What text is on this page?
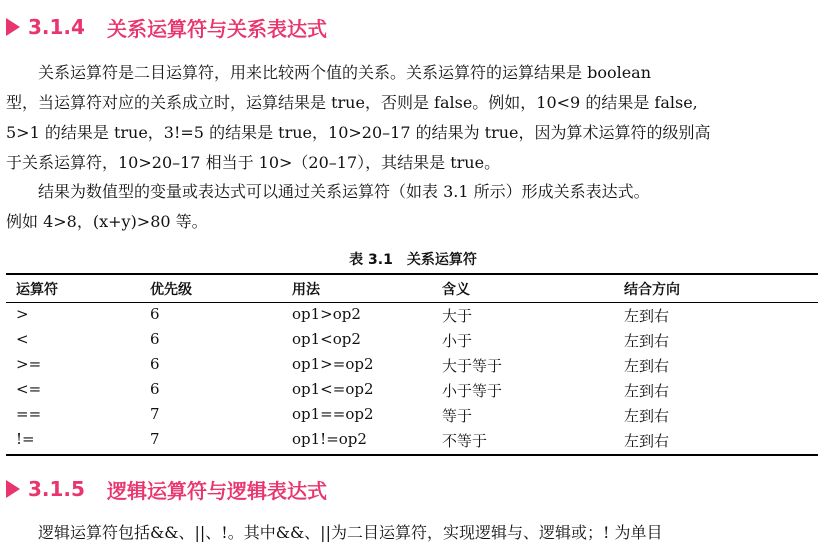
3.1.4 关系运算符与关系表达式
　　关系运算符是二目运算符，用来比较两个值的关系。关系运算符的运算结果是 boolean
型，当运算符对应的关系成立时，运算结果是 true，否则是 false。例如，10<9 的结果是 false,
5>1 的结果是 true，3!=5 的结果是 true，10>20–17 的结果为 true，因为算术运算符的级别高
于关系运算符，10>20–17 相当于 10>（20–17），其结果是 true。
　　结果为数值型的变量或表达式可以通过关系运算符（如表 3.1 所示）形成关系表达式。
例如 4>8，(x+y)>80 等。
表 3.1 关系运算符
运算符	优先级	用法	含义	结合方向
>	6	op1>op2	大于	左到右
<	6	op1<op2	小于	左到右
>=	6	op1>=op2	大于等于	左到右
<=	6	op1<=op2	小于等于	左到右
==	7	op1==op2	等于	左到右
!=	7	op1!=op2	不等于	左到右
3.1.5 逻辑运算符与逻辑表达式
　　逻辑运算符包括&&、||、!。其中&&、||为二目运算符，实现逻辑与、逻辑或；! 为单目
